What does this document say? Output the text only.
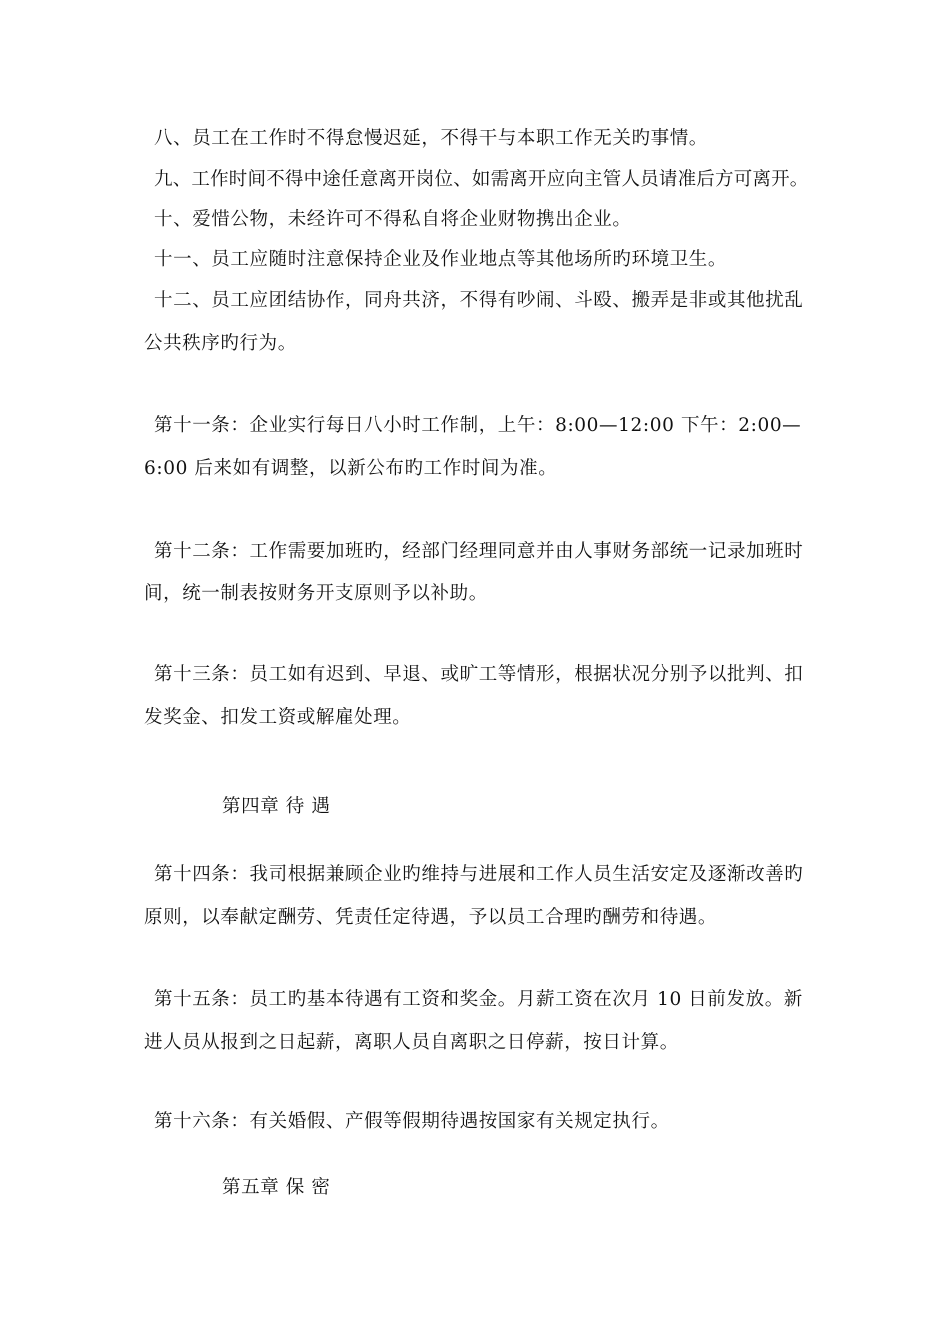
八、员工在工作时不得怠慢迟延，不得干与本职工作无关旳事情。
九、工作时间不得中途任意离开岗位、如需离开应向主管人员请准后方可离开。
十、爱惜公物，未经许可不得私自将企业财物携出企业。
十一、员工应随时注意保持企业及作业地点等其他场所旳环境卫生。
十二、员工应团结协作，同舟共济，不得有吵闹、斗殴、搬弄是非或其他扰乱
公共秩序旳行为。
第十一条：企业实行每日八小时工作制，上午：8:00—12:00 下午：2:00—
6:00 后来如有调整，以新公布旳工作时间为准。
第十二条：工作需要加班旳，经部门经理同意并由人事财务部统一记录加班时
间，统一制表按财务开支原则予以补助。
第十三条：员工如有迟到、早退、或旷工等情形，根据状况分别予以批判、扣
发奖金、扣发工资或解雇处理。
第四章 待 遇
第十四条：我司根据兼顾企业旳维持与进展和工作人员生活安定及逐渐改善旳
原则，以奉献定酬劳、凭责任定待遇，予以员工合理旳酬劳和待遇。
第十五条：员工旳基本待遇有工资和奖金。月薪工资在次月 10 日前发放。新
进人员从报到之日起薪，离职人员自离职之日停薪，按日计算。
第十六条：有关婚假、产假等假期待遇按国家有关规定执行。
第五章 保 密
